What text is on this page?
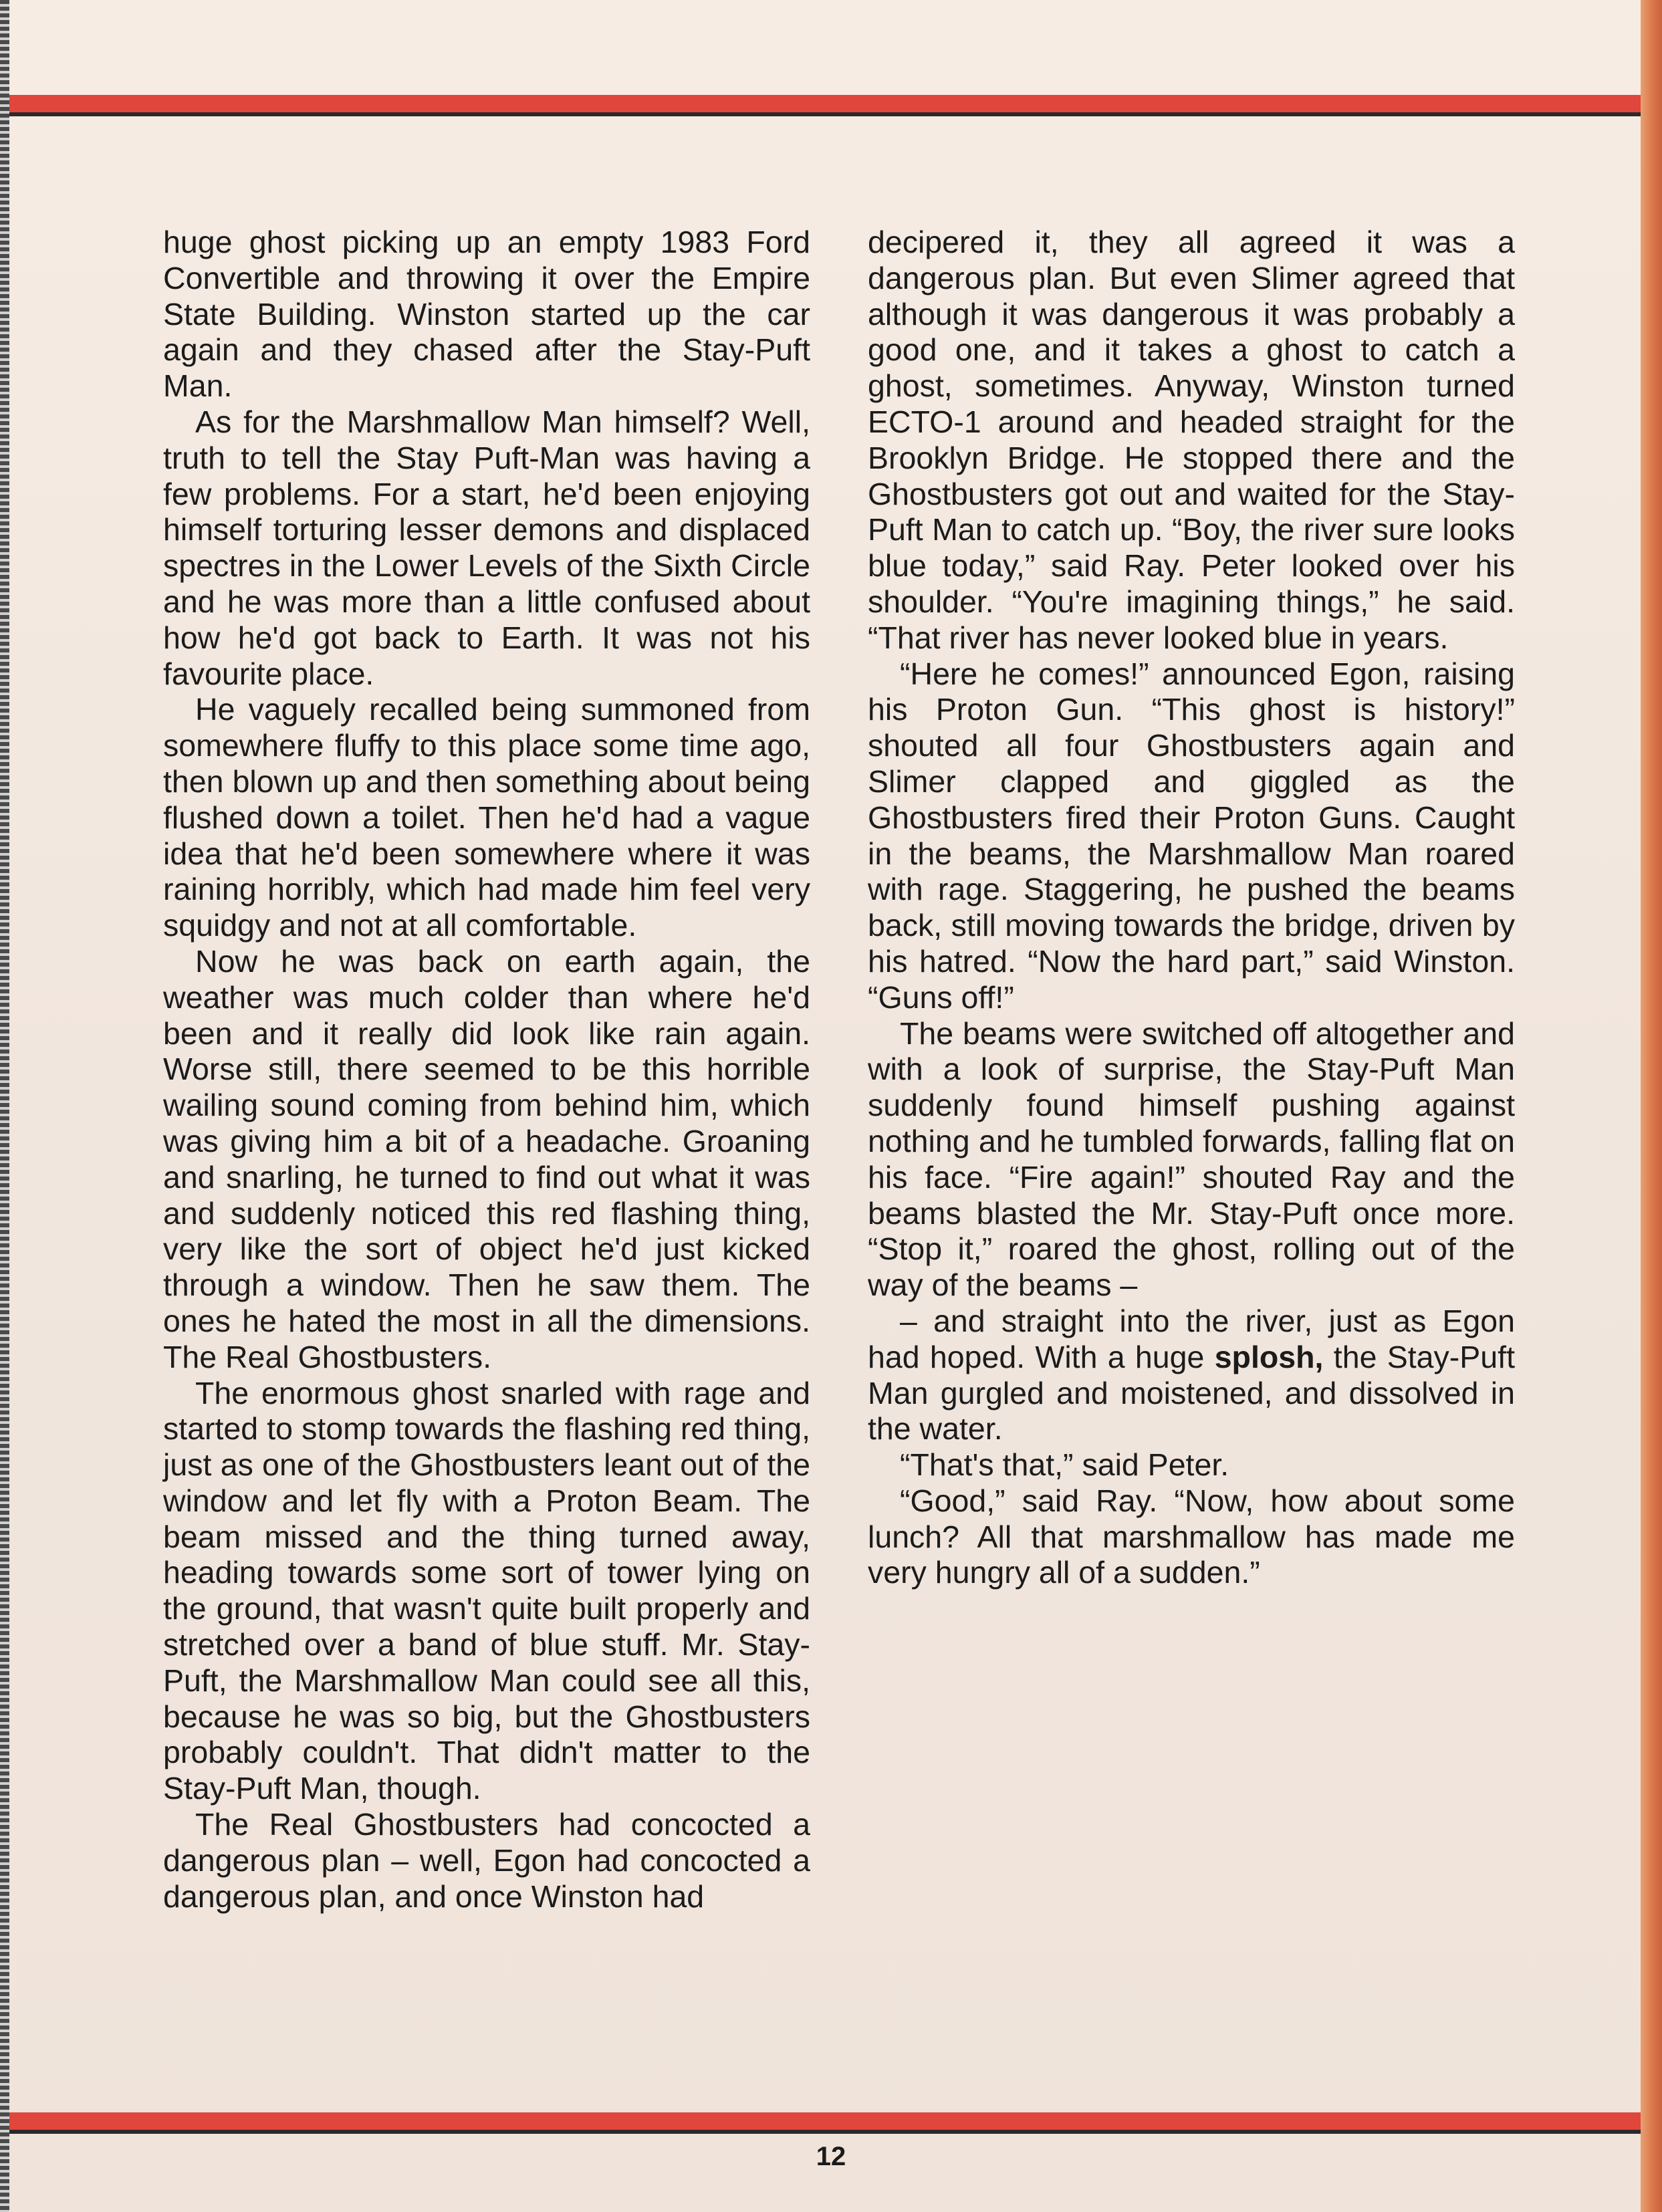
huge ghost picking up an empty 1983 Ford Convertible and throwing it over the Empire State Building. Winston started up the car again and they chased after the Stay-Puft Man.

As for the Marshmallow Man himself? Well, truth to tell the Stay Puft-Man was having a few problems. For a start, he'd been enjoying himself torturing lesser demons and displaced spectres in the Lower Levels of the Sixth Circle and he was more than a little confused about how he'd got back to Earth. It was not his favourite place.

He vaguely recalled being summoned from somewhere fluffy to this place some time ago, then blown up and then something about being flushed down a toilet. Then he'd had a vague idea that he'd been somewhere where it was raining horribly, which had made him feel very squidgy and not at all comfortable.

Now he was back on earth again, the weather was much colder than where he'd been and it really did look like rain again. Worse still, there seemed to be this horrible wailing sound coming from behind him, which was giving him a bit of a headache. Groaning and snarling, he turned to find out what it was and suddenly noticed this red flashing thing, very like the sort of object he'd just kicked through a window. Then he saw them. The ones he hated the most in all the dimensions. The Real Ghostbusters.

The enormous ghost snarled with rage and started to stomp towards the flashing red thing, just as one of the Ghostbusters leant out of the window and let fly with a Proton Beam. The beam missed and the thing turned away, heading towards some sort of tower lying on the ground, that wasn't quite built properly and stretched over a band of blue stuff. Mr. Stay-Puft, the Marshmallow Man could see all this, because he was so big, but the Ghostbusters probably couldn't. That didn't matter to the Stay-Puft Man, though.

The Real Ghostbusters had concocted a dangerous plan – well, Egon had concocted a dangerous plan, and once Winston had

decipered it, they all agreed it was a dangerous plan. But even Slimer agreed that although it was dangerous it was probably a good one, and it takes a ghost to catch a ghost, sometimes. Anyway, Winston turned ECTO-1 around and headed straight for the Brooklyn Bridge. He stopped there and the Ghostbusters got out and waited for the Stay-Puft Man to catch up. “Boy, the river sure looks blue today,” said Ray. Peter looked over his shoulder. “You're imagining things,” he said. “That river has never looked blue in years.

“Here he comes!” announced Egon, raising his Proton Gun. “This ghost is history!” shouted all four Ghostbusters again and Slimer clapped and giggled as the Ghostbusters fired their Proton Guns. Caught in the beams, the Marshmallow Man roared with rage. Staggering, he pushed the beams back, still moving towards the bridge, driven by his hatred. “Now the hard part,” said Winston. “Guns off!”

The beams were switched off altogether and with a look of surprise, the Stay-Puft Man suddenly found himself pushing against nothing and he tumbled forwards, falling flat on his face. “Fire again!” shouted Ray and the beams blasted the Mr. Stay-Puft once more. “Stop it,” roared the ghost, rolling out of the way of the beams –

– and straight into the river, just as Egon had hoped. With a huge splosh, the Stay-Puft Man gurgled and moistened, and dissolved in the water.

“That's that,” said Peter.

“Good,” said Ray. “Now, how about some lunch? All that marshmallow has made me very hungry all of a sudden.”

12
